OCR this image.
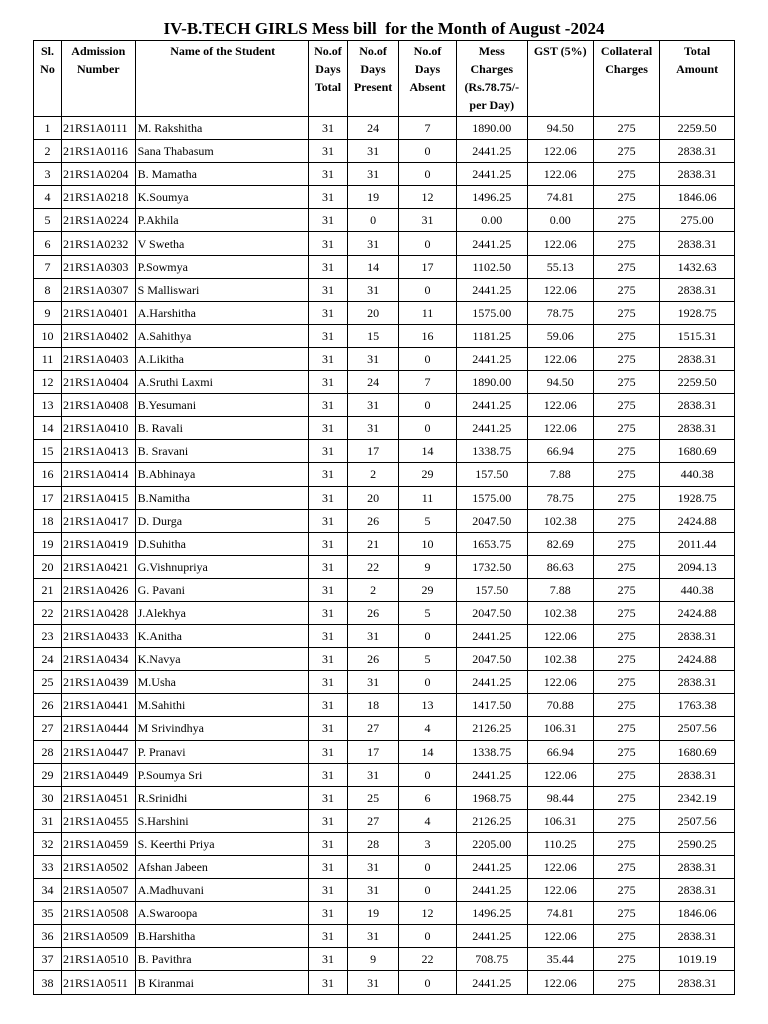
IV-B.TECH GIRLS Mess bill  for the Month of August -2024
Sl. No	Admission Number	Name of the Student	No.of Days Total	No.of Days Present	No.of Days Absent	Mess Charges (Rs.78.75/- per Day)	GST (5%)	Collateral Charges	Total Amount
1	21RS1A0111	M. Rakshitha	31	24	7	1890.00	94.50	275	2259.50
2	21RS1A0116	Sana Thabasum	31	31	0	2441.25	122.06	275	2838.31
3	21RS1A0204	B. Mamatha	31	31	0	2441.25	122.06	275	2838.31
4	21RS1A0218	K.Soumya	31	19	12	1496.25	74.81	275	1846.06
5	21RS1A0224	P.Akhila	31	0	31	0.00	0.00	275	275.00
6	21RS1A0232	V Swetha	31	31	0	2441.25	122.06	275	2838.31
7	21RS1A0303	P.Sowmya	31	14	17	1102.50	55.13	275	1432.63
8	21RS1A0307	S Malliswari	31	31	0	2441.25	122.06	275	2838.31
9	21RS1A0401	A.Harshitha	31	20	11	1575.00	78.75	275	1928.75
10	21RS1A0402	A.Sahithya	31	15	16	1181.25	59.06	275	1515.31
11	21RS1A0403	A.Likitha	31	31	0	2441.25	122.06	275	2838.31
12	21RS1A0404	A.Sruthi Laxmi	31	24	7	1890.00	94.50	275	2259.50
13	21RS1A0408	B.Yesumani	31	31	0	2441.25	122.06	275	2838.31
14	21RS1A0410	B. Ravali	31	31	0	2441.25	122.06	275	2838.31
15	21RS1A0413	B. Sravani	31	17	14	1338.75	66.94	275	1680.69
16	21RS1A0414	B.Abhinaya	31	2	29	157.50	7.88	275	440.38
17	21RS1A0415	B.Namitha	31	20	11	1575.00	78.75	275	1928.75
18	21RS1A0417	D. Durga	31	26	5	2047.50	102.38	275	2424.88
19	21RS1A0419	D.Suhitha	31	21	10	1653.75	82.69	275	2011.44
20	21RS1A0421	G.Vishnupriya	31	22	9	1732.50	86.63	275	2094.13
21	21RS1A0426	G. Pavani	31	2	29	157.50	7.88	275	440.38
22	21RS1A0428	J.Alekhya	31	26	5	2047.50	102.38	275	2424.88
23	21RS1A0433	K.Anitha	31	31	0	2441.25	122.06	275	2838.31
24	21RS1A0434	K.Navya	31	26	5	2047.50	102.38	275	2424.88
25	21RS1A0439	M.Usha	31	31	0	2441.25	122.06	275	2838.31
26	21RS1A0441	M.Sahithi	31	18	13	1417.50	70.88	275	1763.38
27	21RS1A0444	M Srivindhya	31	27	4	2126.25	106.31	275	2507.56
28	21RS1A0447	P. Pranavi	31	17	14	1338.75	66.94	275	1680.69
29	21RS1A0449	P.Soumya Sri	31	31	0	2441.25	122.06	275	2838.31
30	21RS1A0451	R.Srinidhi	31	25	6	1968.75	98.44	275	2342.19
31	21RS1A0455	S.Harshini	31	27	4	2126.25	106.31	275	2507.56
32	21RS1A0459	S. Keerthi Priya	31	28	3	2205.00	110.25	275	2590.25
33	21RS1A0502	Afshan Jabeen	31	31	0	2441.25	122.06	275	2838.31
34	21RS1A0507	A.Madhuvani	31	31	0	2441.25	122.06	275	2838.31
35	21RS1A0508	A.Swaroopa	31	19	12	1496.25	74.81	275	1846.06
36	21RS1A0509	B.Harshitha	31	31	0	2441.25	122.06	275	2838.31
37	21RS1A0510	B. Pavithra	31	9	22	708.75	35.44	275	1019.19
38	21RS1A0511	B Kiranmai	31	31	0	2441.25	122.06	275	2838.31
